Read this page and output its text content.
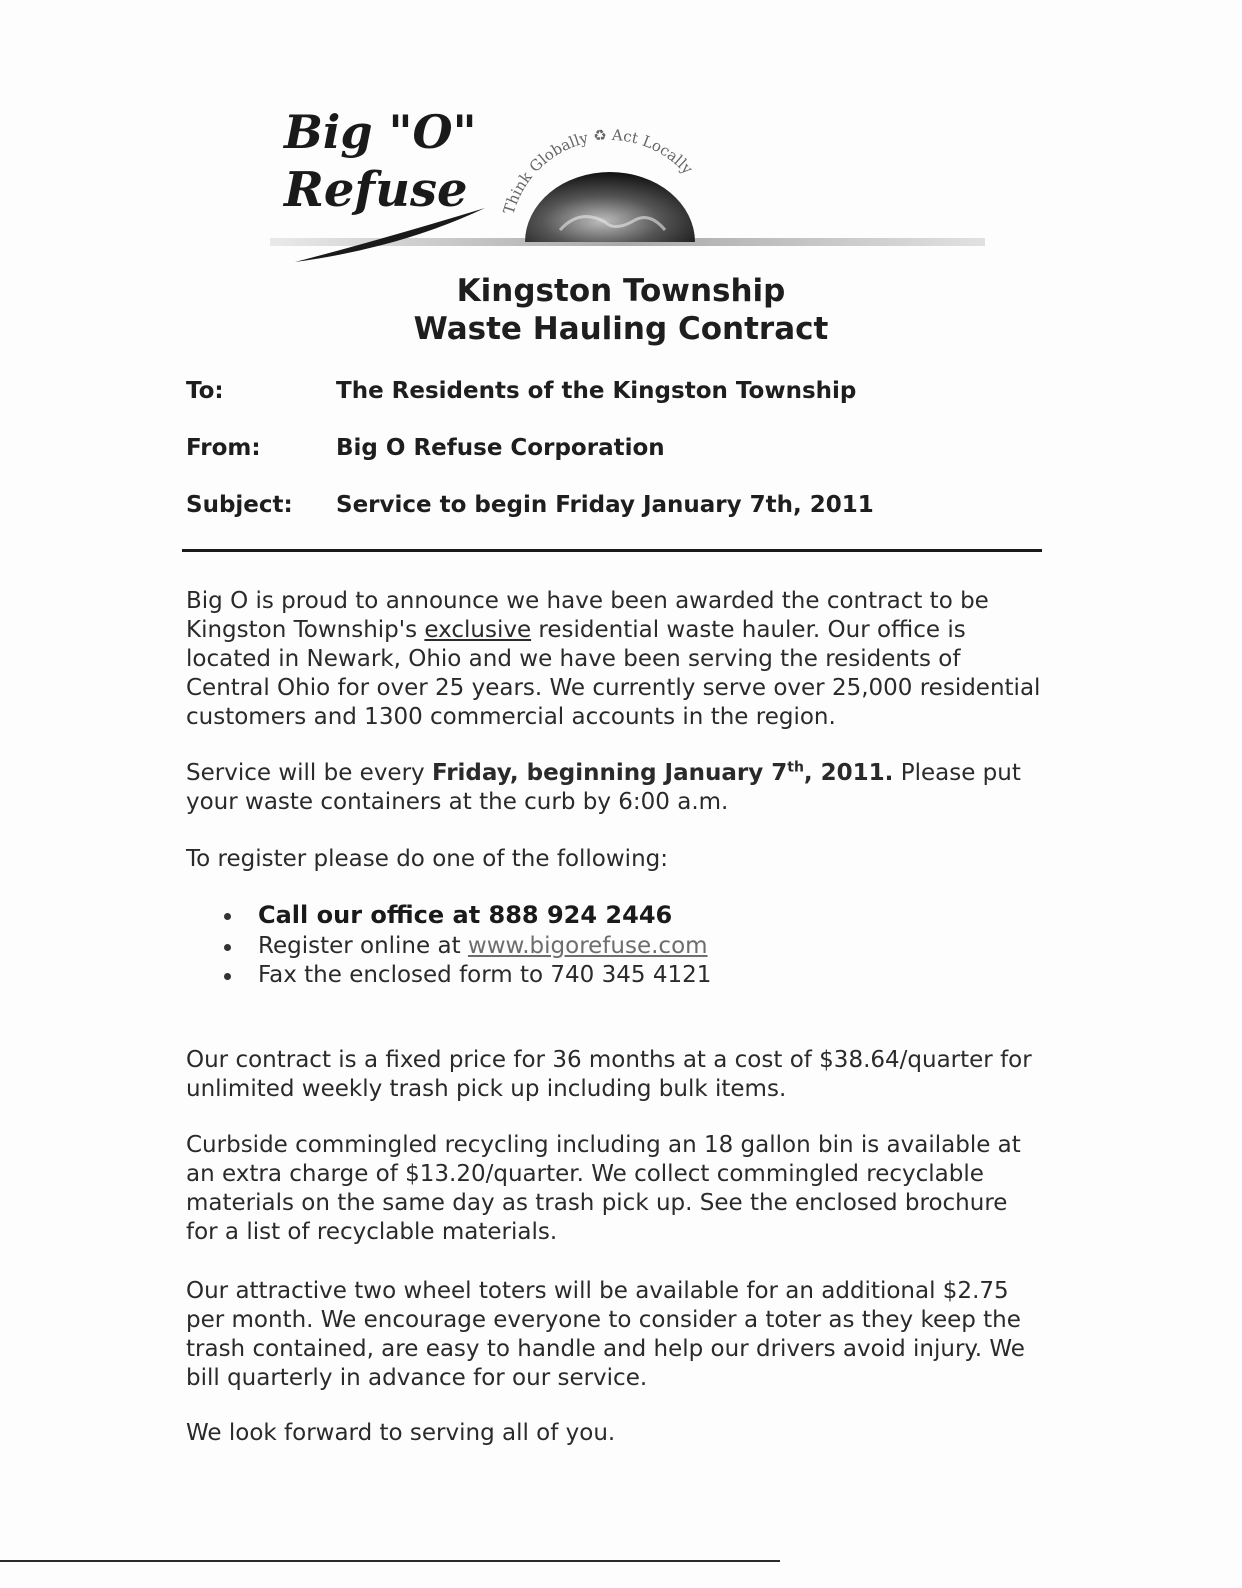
Think Globally ♻ Act Locally
Big "O"
Refuse
Kingston Township
Waste Hauling Contract
To:	The Residents of the Kingston Township
From:	Big O Refuse Corporation
Subject: Service to begin Friday January 7th, 2011

Big O is proud to announce we have been awarded the contract to be Kingston Township's exclusive residential waste hauler. Our office is located in Newark, Ohio and we have been serving the residents of Central Ohio for over 25 years. We currently serve over 25,000 residential customers and 1300 commercial accounts in the region.

Service will be every Friday, beginning January 7th, 2011. Please put your waste containers at the curb by 6:00 a.m.

To register please do one of the following:

Call our office at 888 924 2446
Register online at www.bigorefuse.com
Fax the enclosed form to 740 345 4121

Our contract is a fixed price for 36 months at a cost of $38.64/quarter for unlimited weekly trash pick up including bulk items.

Curbside commingled recycling including an 18 gallon bin is available at an extra charge of $13.20/quarter. We collect commingled recyclable materials on the same day as trash pick up. See the enclosed brochure for a list of recyclable materials.

Our attractive two wheel toters will be available for an additional $2.75 per month. We encourage everyone to consider a toter as they keep the trash contained, are easy to handle and help our drivers avoid injury. We bill quarterly in advance for our service.

We look forward to serving all of you.
